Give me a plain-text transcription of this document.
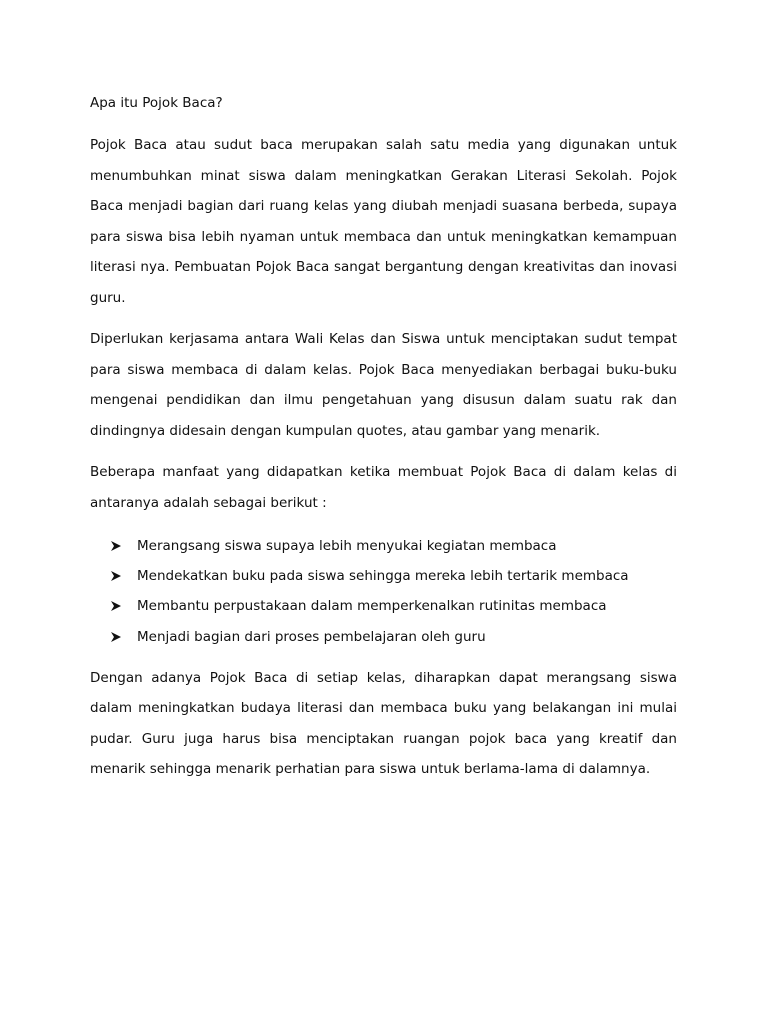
Apa itu Pojok Baca?

Pojok Baca atau sudut baca merupakan salah satu media yang digunakan untuk menumbuhkan minat siswa dalam meningkatkan Gerakan Literasi Sekolah. Pojok Baca menjadi bagian dari ruang kelas yang diubah menjadi suasana berbeda, supaya para siswa bisa lebih nyaman untuk membaca dan untuk meningkatkan kemampuan literasi nya. Pembuatan Pojok Baca sangat bergantung dengan kreativitas dan inovasi guru.

Diperlukan kerjasama antara Wali Kelas dan Siswa untuk menciptakan sudut tempat para siswa membaca di dalam kelas. Pojok Baca menyediakan berbagai buku-buku mengenai pendidikan dan ilmu pengetahuan yang disusun dalam suatu rak dan dindingnya didesain dengan kumpulan quotes, atau gambar yang menarik.

Beberapa manfaat yang didapatkan ketika membuat Pojok Baca di dalam kelas di antaranya adalah sebagai berikut :

Merangsang siswa supaya lebih menyukai kegiatan membaca
Mendekatkan buku pada siswa sehingga mereka lebih tertarik membaca
Membantu perpustakaan dalam memperkenalkan rutinitas membaca
Menjadi bagian dari proses pembelajaran oleh guru

Dengan adanya Pojok Baca di setiap kelas, diharapkan dapat merangsang siswa dalam meningkatkan budaya literasi dan membaca buku yang belakangan ini mulai pudar. Guru juga harus bisa menciptakan ruangan pojok baca yang kreatif dan menarik sehingga menarik perhatian para siswa untuk berlama-lama di dalamnya.
